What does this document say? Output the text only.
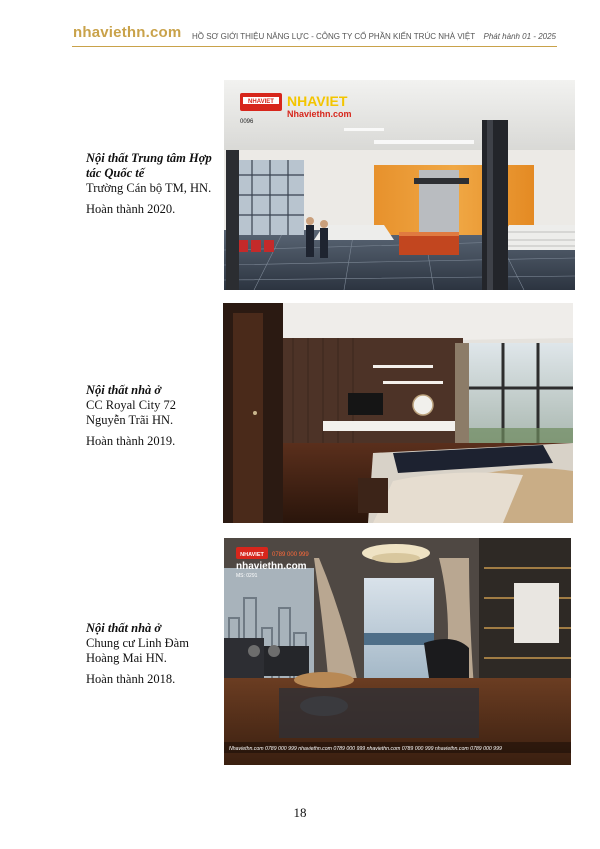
nhaviethn.com HỒ SƠ GIỚI THIỆU NĂNG LỰC - CÔNG TY CỔ PHẦN KIẾN TRÚC NHÀ VIỆT Phát hành 01 - 2025
Nội thất Trung tâm Hợp tác Quốc tế
Trường Cán bộ TM, HN.
Hoàn thành 2020.
NHAVIET NHAVIET
Nhaviethn.com
0096
Nội thất nhà ở
CC Royal City 72 Nguyễn Trãi HN.
Hoàn thành 2019.
Nội thất nhà ở
Chung cư Linh Đàm Hoàng Mai HN.
Hoàn thành 2018.
NHAVIET 0789 000 999
nhaviethn.com
MS: 0291
Nhaviethn.com 0789 000 999 nhaviethn.com 0789 000 999 nhaviethn.com 0789 000 999 nhaviethn.com 0789 000 999
18
